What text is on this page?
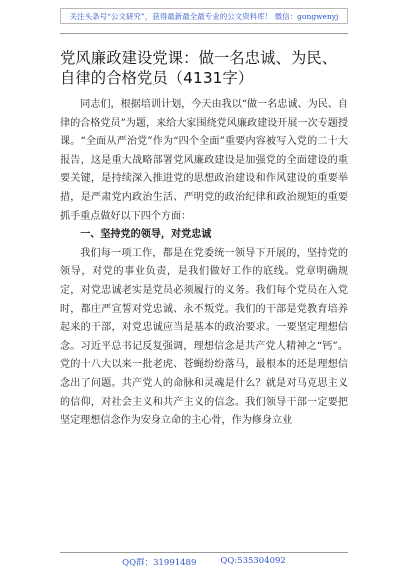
关注头条号“公文研究”，获得最新最全最专业的公文资料库！ 微信：gongwenyj
党风廉政建设党课：做一名忠诚、为民、自律的合格党员（4131字）

同志们，根据培训计划，今天由我以“做一名忠诚、为民、自律的合格党员”为题，来给大家围绕党风廉政建设开展一次专题授课。“全面从严治党”作为“四个全面”重要内容被写入党的二十大报告，这是重大战略部署党风廉政建设是加强党的全面建设的重要关键，是持续深入推进党的思想政治建设和作风建设的重要举措，是严肃党内政治生活、严明党的政治纪律和政治规矩的重要抓手重点做好以下四个方面：

一、坚持党的领导，对党忠诚

我们每一项工作，都是在党委统一领导下开展的，坚持党的领导，对党的事业负责，是我们做好工作的底线。党章明确规定，对党忠诚老实是党员必须履行的义务。我们每个党员在入党时，都庄严宣誓对党忠诚、永不叛党。我们的干部是党教育培养起来的干部，对党忠诚应当是基本的政治要求。一要坚定理想信念。习近平总书记反复强调，理想信念是共产党人精神之“钙”。党的十八大以来一批老虎、苍蝇纷纷落马，最根本的还是理想信念出了问题。共产党人的命脉和灵魂是什么？就是对马克思主义的信仰，对社会主义和共产主义的信念。我们领导干部一定要把坚定理想信念作为安身立命的主心骨，作为修身立业

QQ群：31991489	QQ:535304092
